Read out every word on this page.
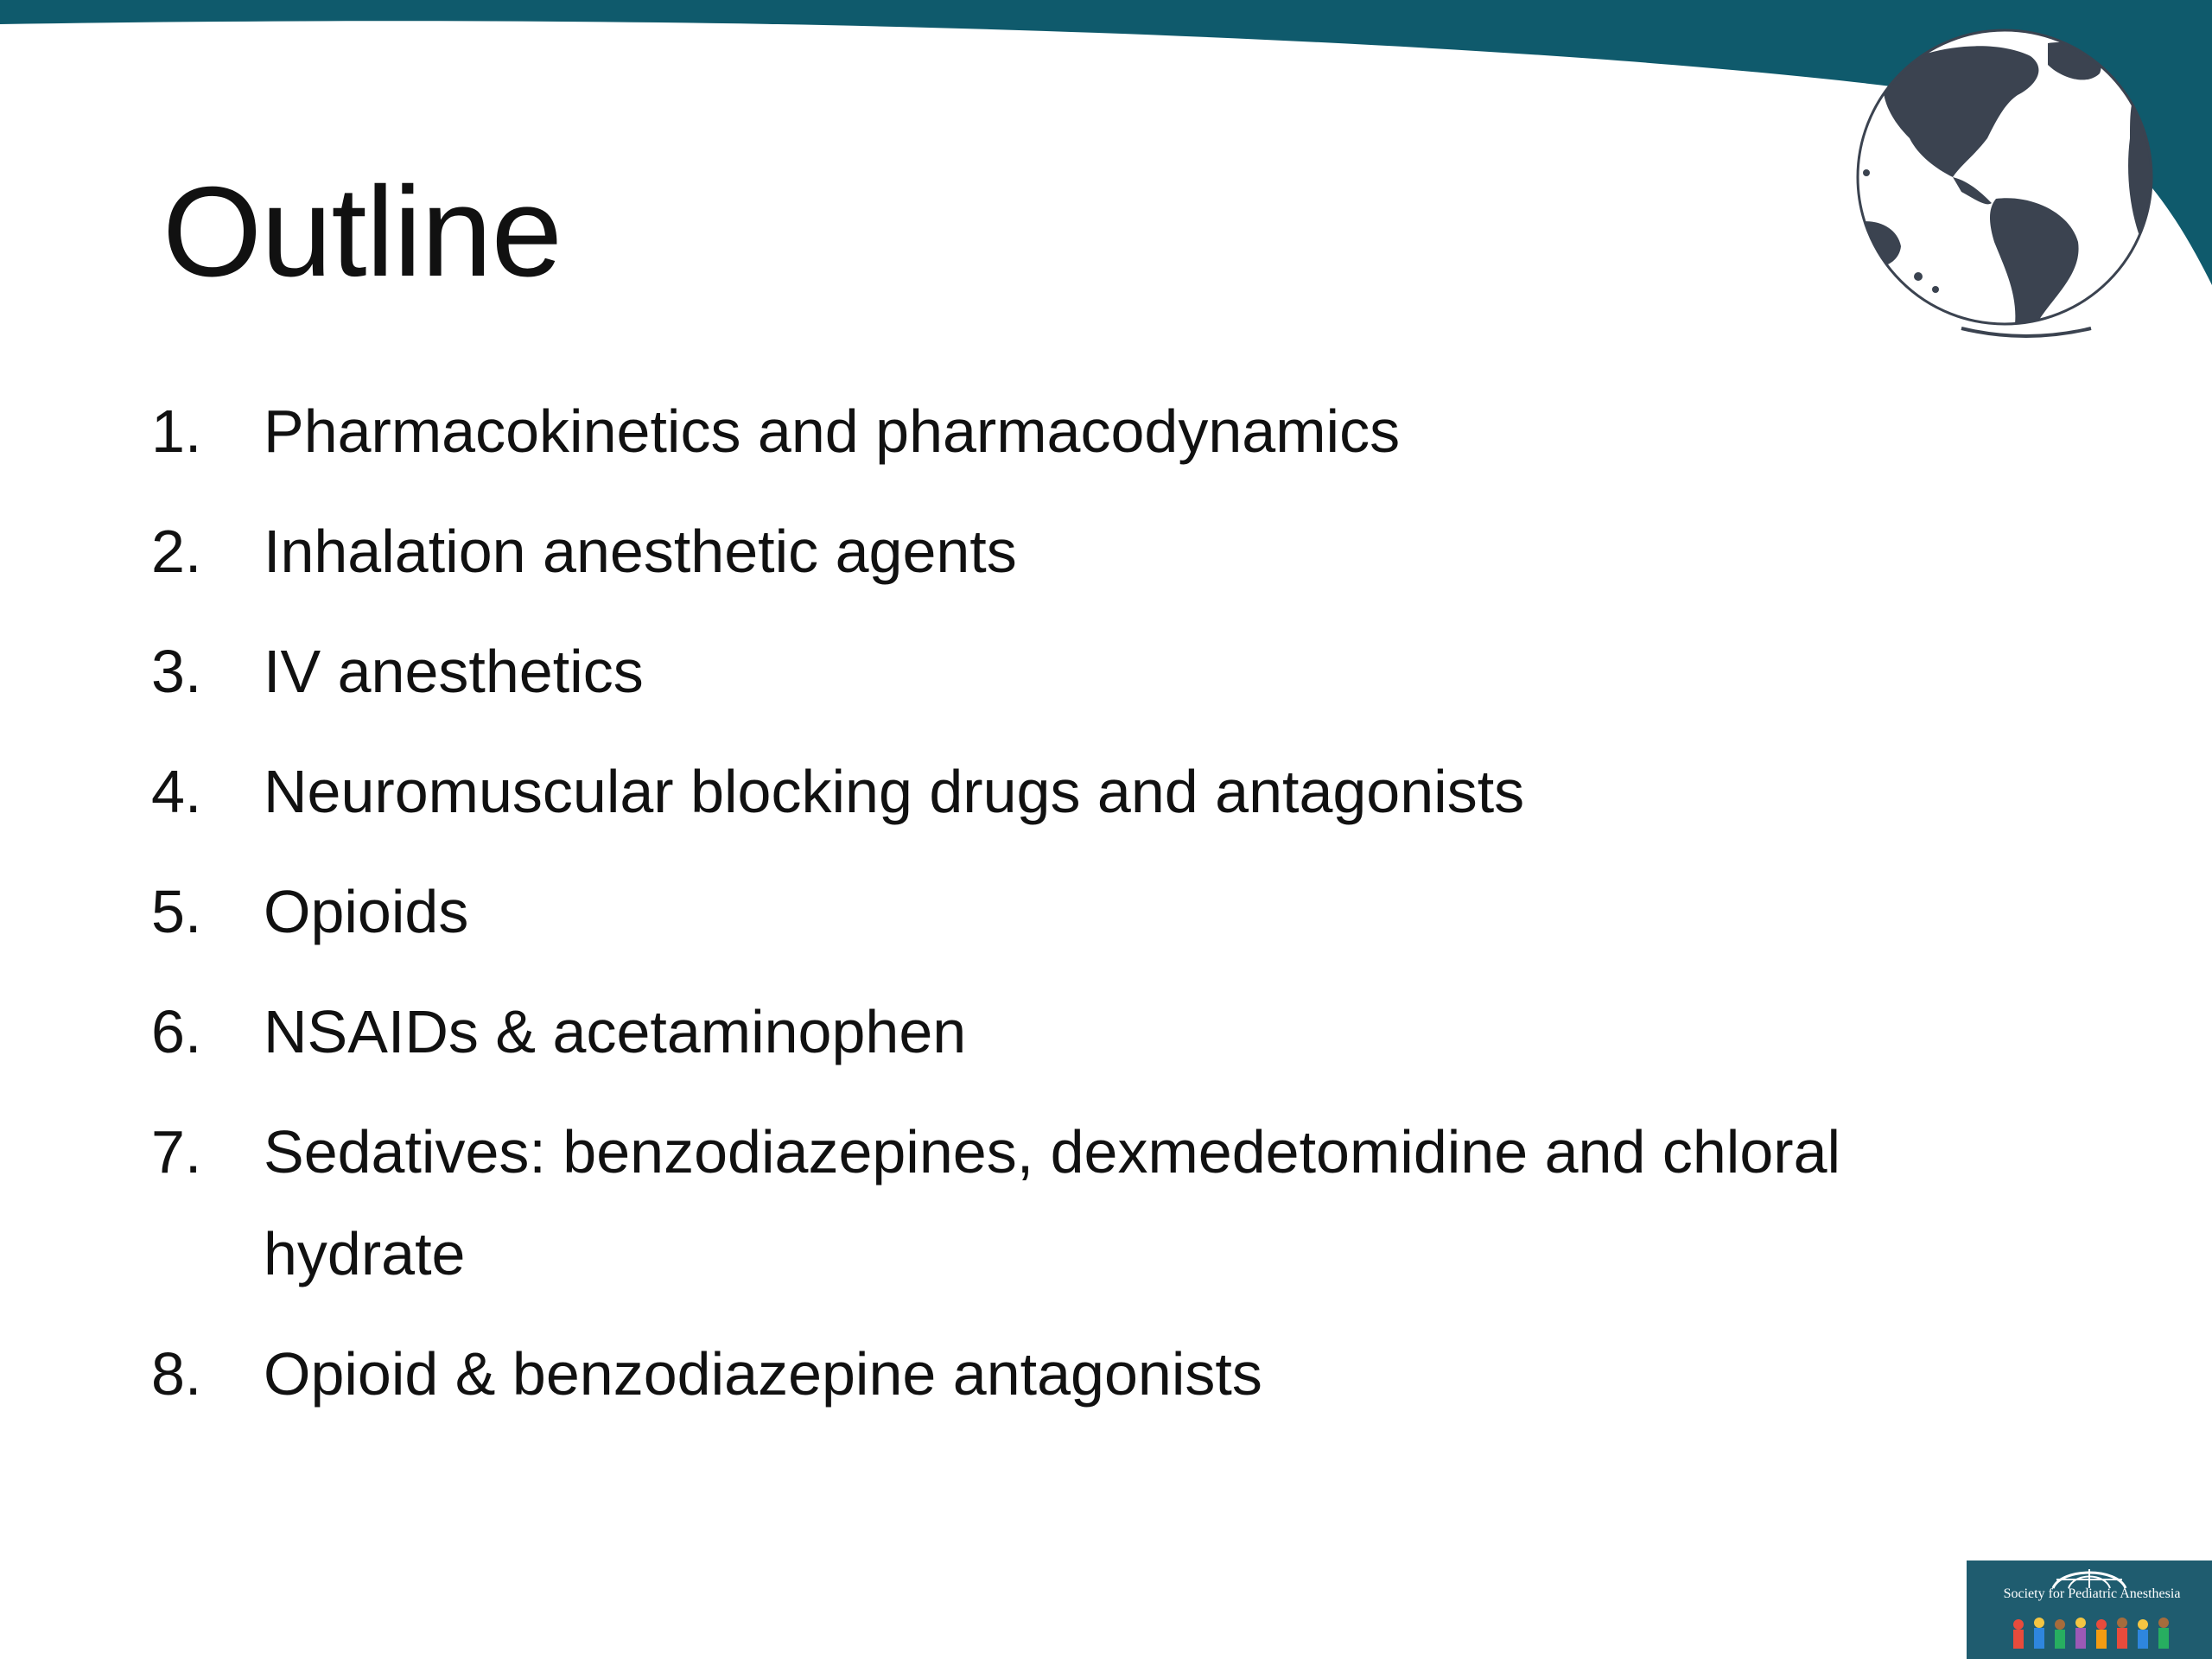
Outline
1.	Pharmacokinetics and pharmacodynamics
2.	Inhalation anesthetic agents
3.	IV anesthetics
4.	Neuromuscular blocking drugs and antagonists
5.	Opioids
6.	NSAIDs & acetaminophen
7.	Sedatives: benzodiazepines, dexmedetomidine and chloral hydrate
8.	Opioid & benzodiazepine antagonists
Society for Pediatric Anesthesia
